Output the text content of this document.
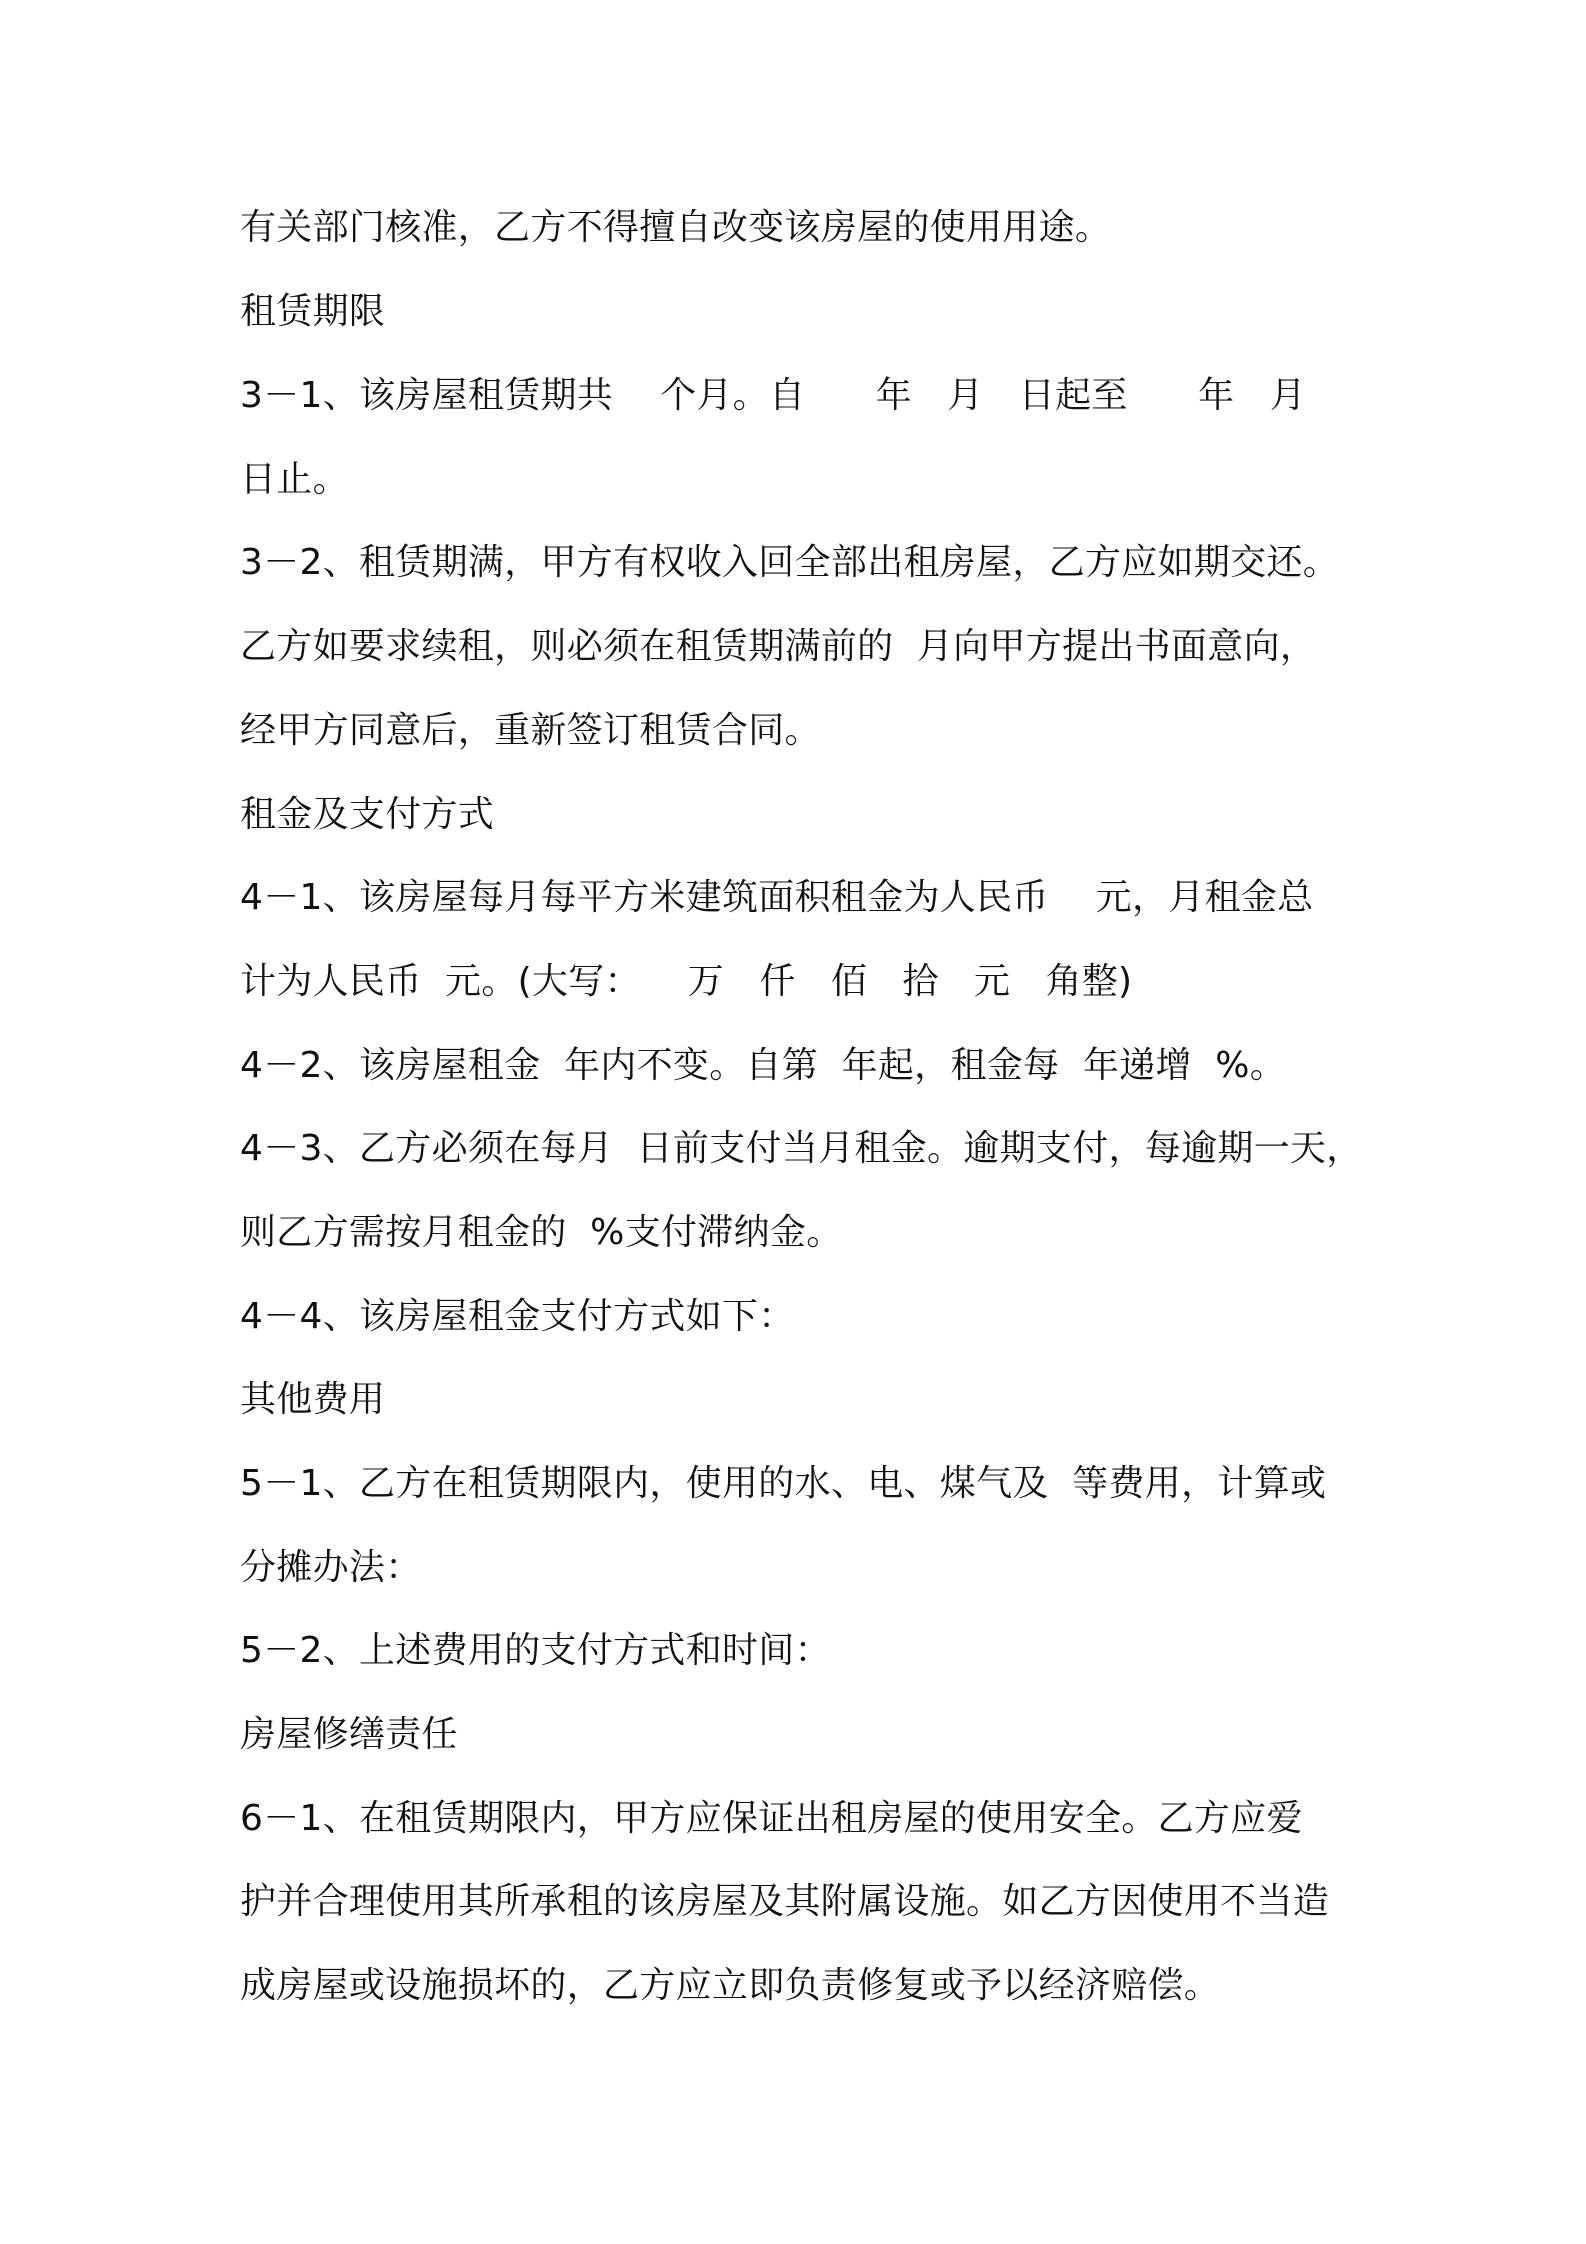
有关部门核准，乙方不得擅自改变该房屋的使用用途。
租赁期限
3－1、该房屋租赁期共    个月。自      年   月   日起至      年   月
日止。
3－2、租赁期满，甲方有权收入回全部出租房屋，乙方应如期交还。
乙方如要求续租，则必须在租赁期满前的  月向甲方提出书面意向，
经甲方同意后，重新签订租赁合同。
租金及支付方式
4－1、该房屋每月每平方米建筑面积租金为人民币    元，月租金总
计为人民币  元。(大写：    万   仟   佰   拾   元   角整)
4－2、该房屋租金  年内不变。自第  年起，租金每  年递增  %。
4－3、乙方必须在每月  日前支付当月租金。逾期支付，每逾期一天，
则乙方需按月租金的  %支付滞纳金。
4－4、该房屋租金支付方式如下：
其他费用
5－1、乙方在租赁期限内，使用的水、电、煤气及  等费用，计算或
分摊办法：
5－2、上述费用的支付方式和时间：
房屋修缮责任
6－1、在租赁期限内，甲方应保证出租房屋的使用安全。乙方应爱
护并合理使用其所承租的该房屋及其附属设施。如乙方因使用不当造
成房屋或设施损坏的，乙方应立即负责修复或予以经济赔偿。
